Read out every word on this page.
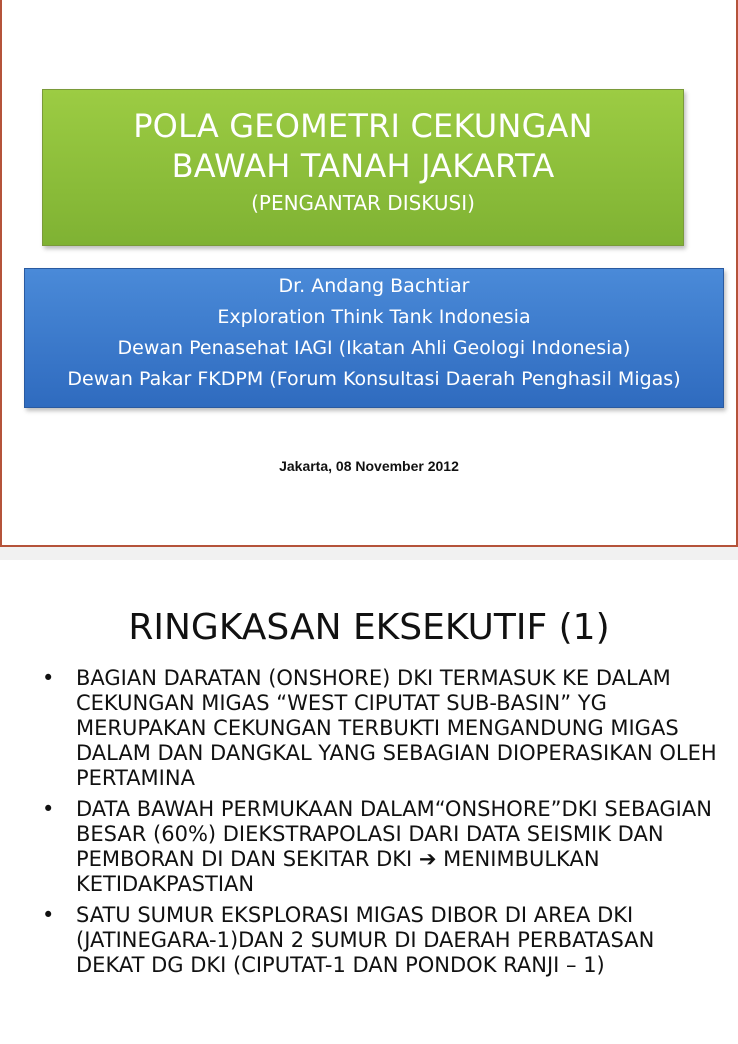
POLA GEOMETRI CEKUNGAN
BAWAH TANAH JAKARTA
(PENGANTAR DISKUSI)
Dr. Andang Bachtiar
Exploration Think Tank Indonesia
Dewan Penasehat IAGI (Ikatan Ahli Geologi Indonesia)
Dewan Pakar FKDPM (Forum Konsultasi Daerah Penghasil Migas)
Jakarta, 08 November 2012
RINGKASAN EKSEKUTIF (1)
• BAGIAN DARATAN (ONSHORE) DKI TERMASUK KE DALAM CEKUNGAN MIGAS “WEST CIPUTAT SUB-BASIN” YG MERUPAKAN CEKUNGAN TERBUKTI MENGANDUNG MIGAS DALAM DAN DANGKAL YANG SEBAGIAN DIOPERASIKAN OLEH PERTAMINA
• DATA BAWAH PERMUKAAN DALAM“ONSHORE”DKI SEBAGIAN BESAR (60%) DIEKSTRAPOLASI DARI DATA SEISMIK DAN PEMBORAN DI DAN SEKITAR DKI ➔ MENIMBULKAN KETIDAKPASTIAN
• SATU SUMUR EKSPLORASI MIGAS DIBOR DI AREA DKI (JATINEGARA-1)DAN 2 SUMUR DI DAERAH PERBATASAN DEKAT DG DKI (CIPUTAT-1 DAN PONDOK RANJI – 1)
